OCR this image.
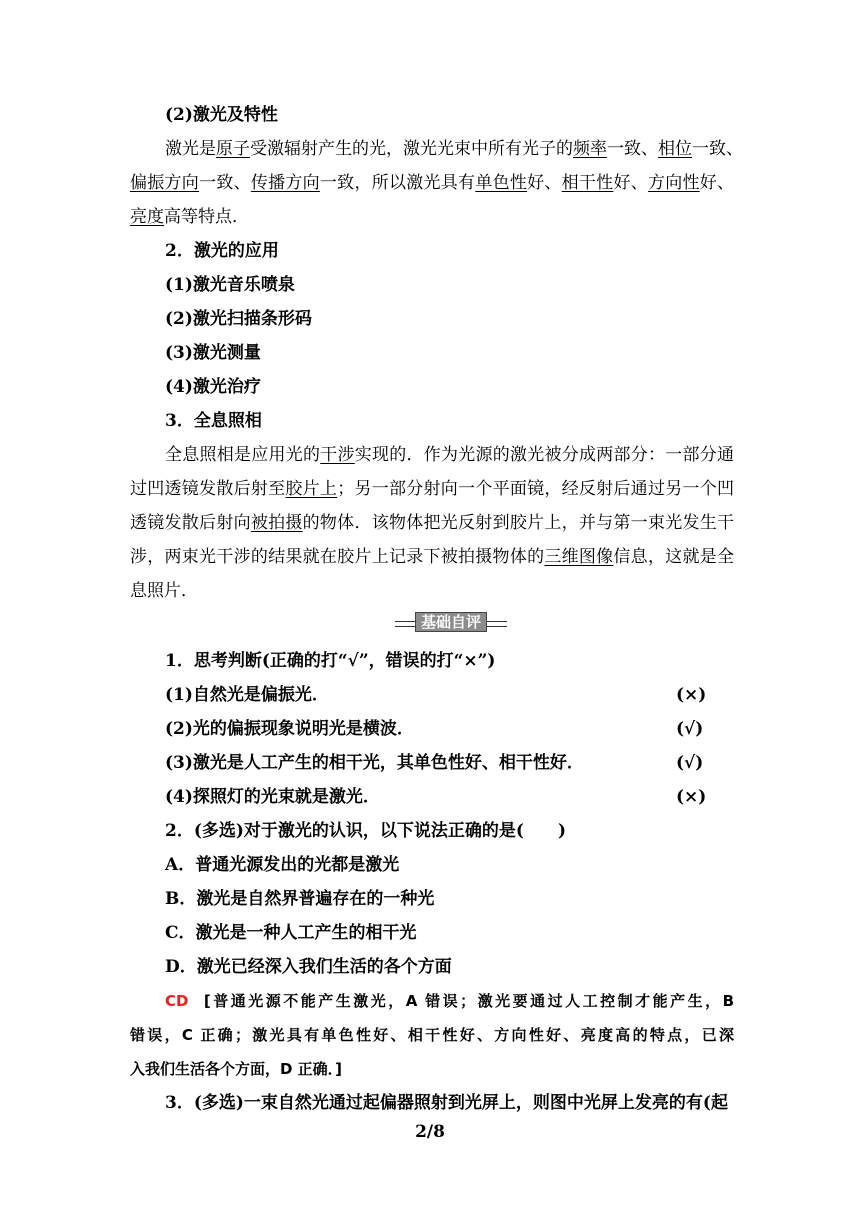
(2)激光及特性
激光是原子受激辐射产生的光，激光光束中所有光子的频率一致、相位一致、
偏振方向一致、传播方向一致，所以激光具有单色性好、相干性好、方向性好、
亮度高等特点．
2．激光的应用
(1)激光音乐喷泉
(2)激光扫描条形码
(3)激光测量
(4)激光治疗
3．全息照相
全息照相是应用光的干涉实现的．作为光源的激光被分成两部分：一部分通
过凹透镜发散后射至胶片上；另一部分射向一个平面镜，经反射后通过另一个凹
透镜发散后射向被拍摄的物体．该物体把光反射到胶片上，并与第一束光发生干
涉，两束光干涉的结果就在胶片上记录下被拍摄物体的三维图像信息，这就是全
息照片．
基础自评
1．思考判断(正确的打“√”，错误的打“×”)
(1)自然光是偏振光．	(×)
(2)光的偏振现象说明光是横波．	(√)
(3)激光是人工产生的相干光，其单色性好、相干性好．	(√)
(4)探照灯的光束就是激光．	(×)
2．(多选)对于激光的认识，以下说法正确的是(　　)
A．普通光源发出的光都是激光
B．激光是自然界普遍存在的一种光
C．激光是一种人工产生的相干光
D．激光已经深入我们生活的各个方面
CD [普通光源不能产生激光，A 错误；激光要通过人工控制才能产生，B
错误，C 正确；激光具有单色性好、相干性好、方向性好、亮度高的特点，已深
入我们生活各个方面，D 正确．]
3．(多选)一束自然光通过起偏器照射到光屏上，则图中光屏上发亮的有(起
2/8
